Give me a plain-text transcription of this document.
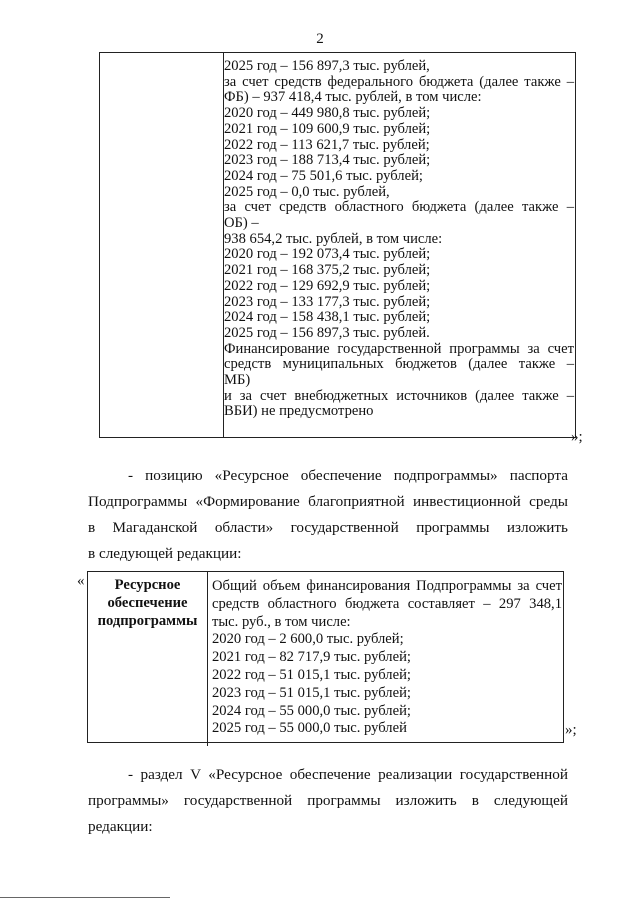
2
2025 год – 156 897,3 тыс. рублей,
за счет средств федерального бюджета (далее также –
ФБ) – 937 418,4 тыс. рублей, в том числе:
2020 год – 449 980,8 тыс. рублей;
2021 год – 109 600,9 тыс. рублей;
2022 год – 113 621,7 тыс. рублей;
2023 год – 188 713,4 тыс. рублей;
2024 год – 75 501,6 тыс. рублей;
2025 год – 0,0 тыс. рублей,
за счет средств областного бюджета (далее также –
ОБ) –
938 654,2 тыс. рублей, в том числе:
2020 год – 192 073,4 тыс. рублей;
2021 год – 168 375,2 тыс. рублей;
2022 год – 129 692,9 тыс. рублей;
2023 год – 133 177,3 тыс. рублей;
2024 год – 158 438,1 тыс. рублей;
2025 год – 156 897,3 тыс. рублей.
Финансирование государственной программы за счет
средств муниципальных бюджетов (далее также –
МБ)
и за счет внебюджетных источников (далее также –
ВБИ) не предусмотрено
»;
- позицию «Ресурсное обеспечение подпрограммы» паспорта
Подпрограммы «Формирование благоприятной инвестиционной среды
в Магаданской области» государственной программы изложить
в следующей редакции:
«	Ресурсное
обеспечение
подпрограммы
Общий объем финансирования Подпрограммы за счет
средств областного бюджета составляет – 297 348,1
тыс. руб., в том числе:
2020 год – 2 600,0 тыс. рублей;
2021 год – 82 717,9 тыс. рублей;
2022 год – 51 015,1 тыс. рублей;
2023 год – 51 015,1 тыс. рублей;
2024 год – 55 000,0 тыс. рублей;
2025 год – 55 000,0 тыс. рублей	»;
- раздел V «Ресурсное обеспечение реализации государственной
программы» государственной программы изложить в следующей
редакции:
